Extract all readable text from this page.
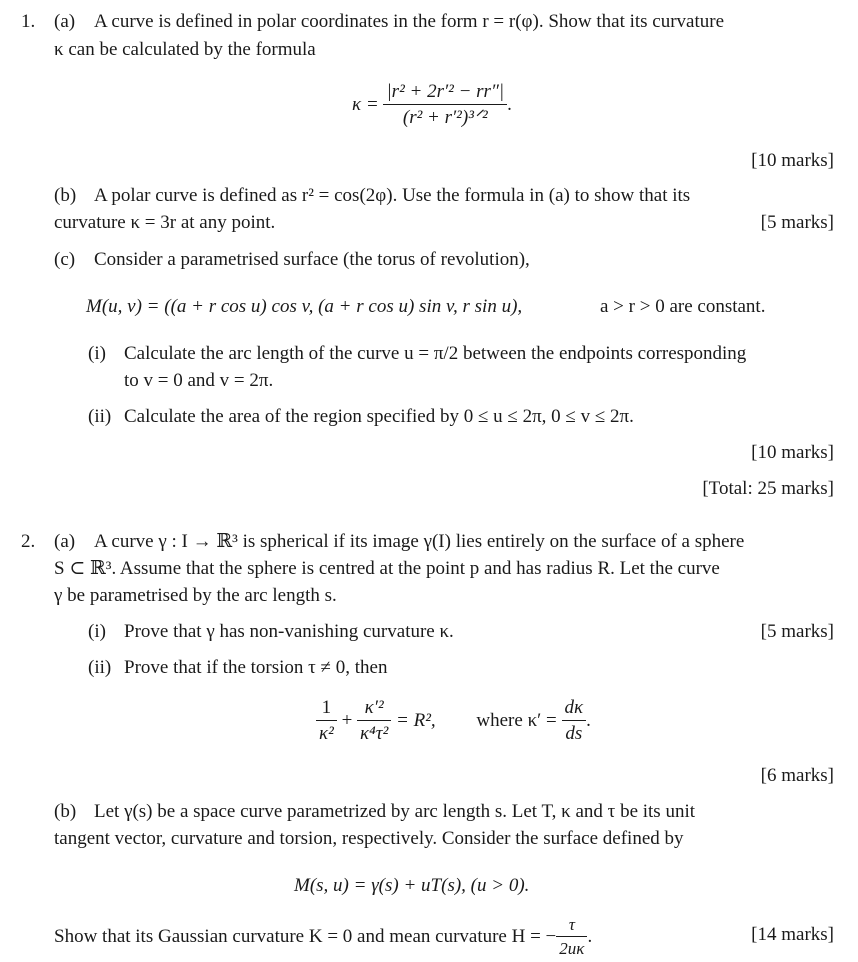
1. (a) A curve is defined in polar coordinates in the form r = r(φ). Show that its curvature
κ can be calculated by the formula
$\kappa = \frac{\text{|r² + 2r′² − rr″|}}{\text{(r² + r′²)³ᐟ²}}$ .
[10 marks]
(b) A polar curve is defined as r² = cos(2φ). Use the formula in (a) to show that its
curvature κ = 3r at any point.	[5 marks]
(c) Consider a parametrised surface (the torus of revolution),
M(u, v) = ((a + r cos u) cos v, (a + r cos u) sin v, r sin u),	a > r > 0 are constant.
(i) Calculate the arc length of the curve u = π/2 between the endpoints corresponding
to v = 0 and v = 2π.
(ii) Calculate the area of the region specified by 0 ≤ u ≤ 2π, 0 ≤ v ≤ 2π.
[10 marks]
[Total: 25 marks]
2. (a) A curve γ : I → ℝ³ is spherical if its image γ(I) lies entirely on the surface of a sphere
S ⊂ ℝ³. Assume that the sphere is centred at the point p and has radius R. Let the curve
γ be parametrised by the arc length s.
(i) Prove that γ has non-vanishing curvature κ.	[5 marks]
(ii) Prove that if the torsion τ ≠ 0, then
$\frac{1}{\text{κ²}} + \frac{\text{κ′²}}{\text{κ⁴τ²}} = R^2$, where $\kappa' = \frac{d\kappa}{ds}$ .
[6 marks]
(b) Let γ(s) be a space curve parametrized by arc length s. Let T, κ and τ be its unit
tangent vector, curvature and torsion, respectively. Consider the surface defined by
M(s, u) = γ(s) + uT(s), (u > 0).
Show that its Gaussian curvature K = 0 and mean curvature H = − $\frac{\tau}{2u\kappa}$ .	[14 marks]
